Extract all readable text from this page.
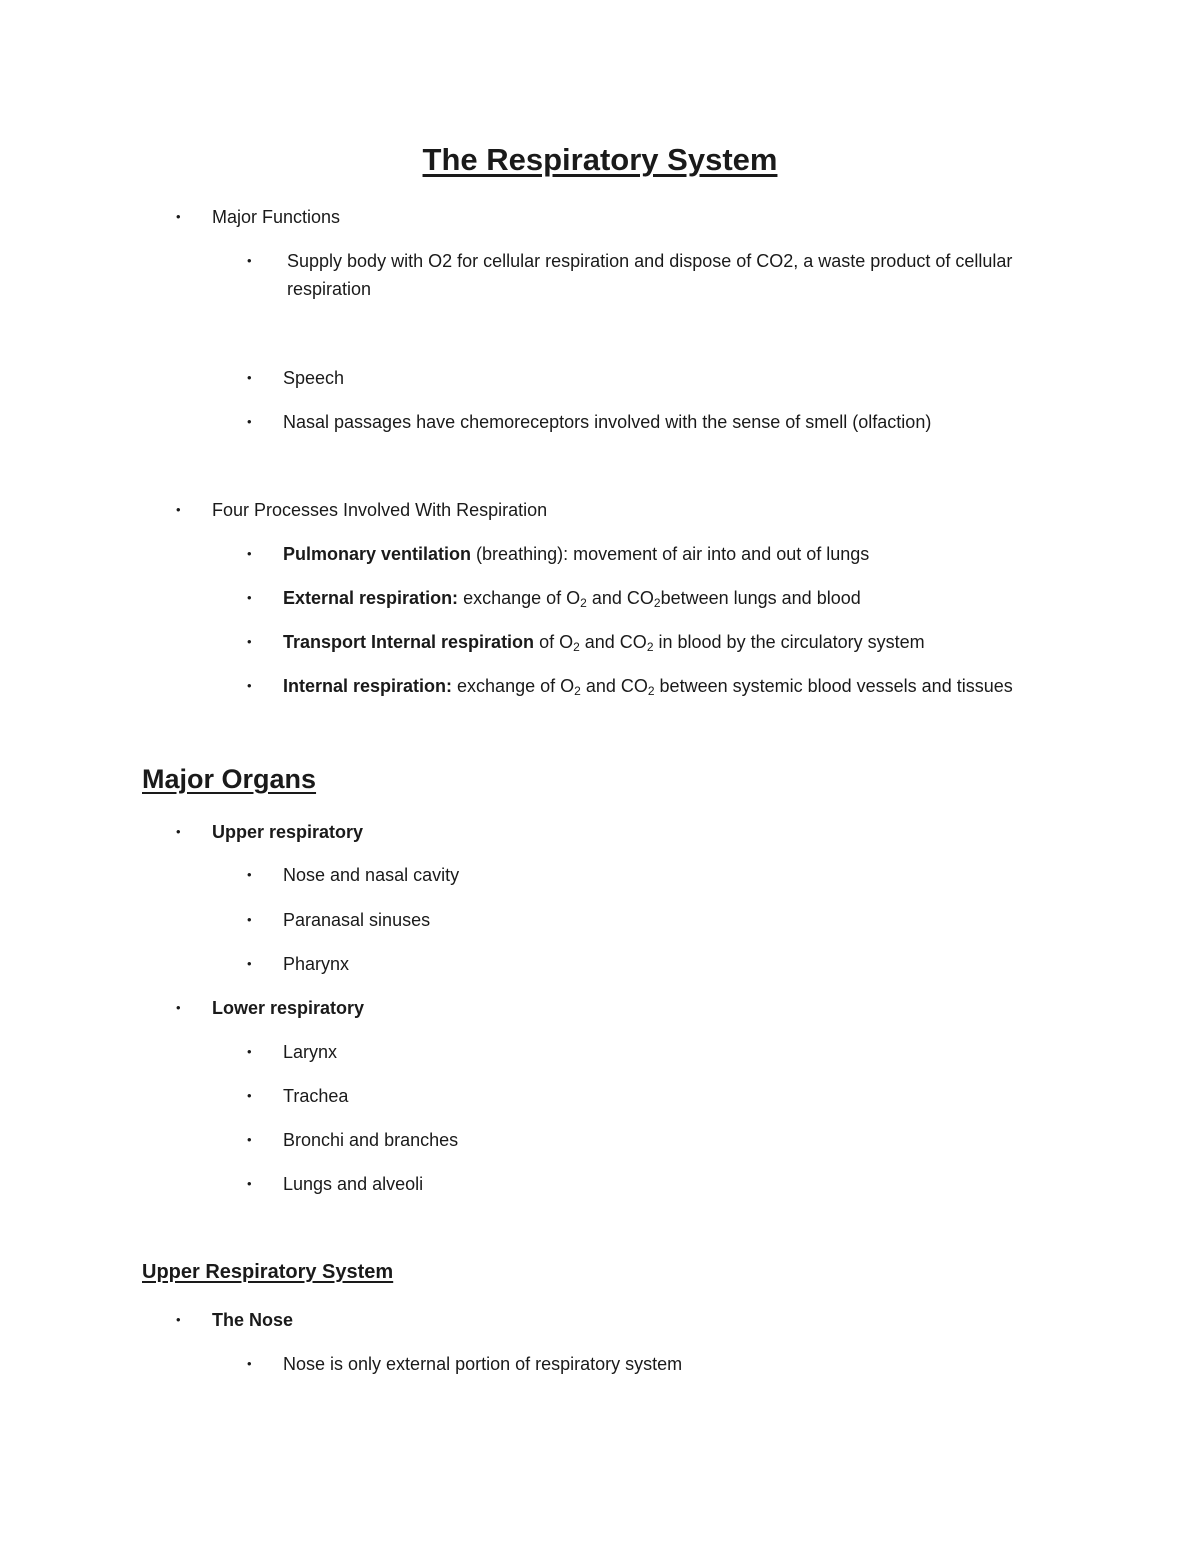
The Respiratory System
• Major Functions
• Supply body with O2 for cellular respiration and dispose of CO2, a waste product of cellular respiration
• Speech
• Nasal passages have chemoreceptors involved with the sense of smell (olfaction)
• Four Processes Involved With Respiration
• Pulmonary ventilation (breathing): movement of air into and out of lungs
• External respiration: exchange of $O_2$ and $CO_2between$ lungs and blood
• Transport Internal respiration of $O_2$ and $CO_2$ in blood by the circulatory system
• Internal respiration: exchange of $O_2$ and $CO_2$ between systemic blood vessels and tissues
Major Organs
• Upper respiratory
• Nose and nasal cavity
• Paranasal sinuses
• Pharynx
• Lower respiratory
• Larynx
• Trachea
• Bronchi and branches
• Lungs and alveoli
Upper Respiratory System
• The Nose
• Nose is only external portion of respiratory system
